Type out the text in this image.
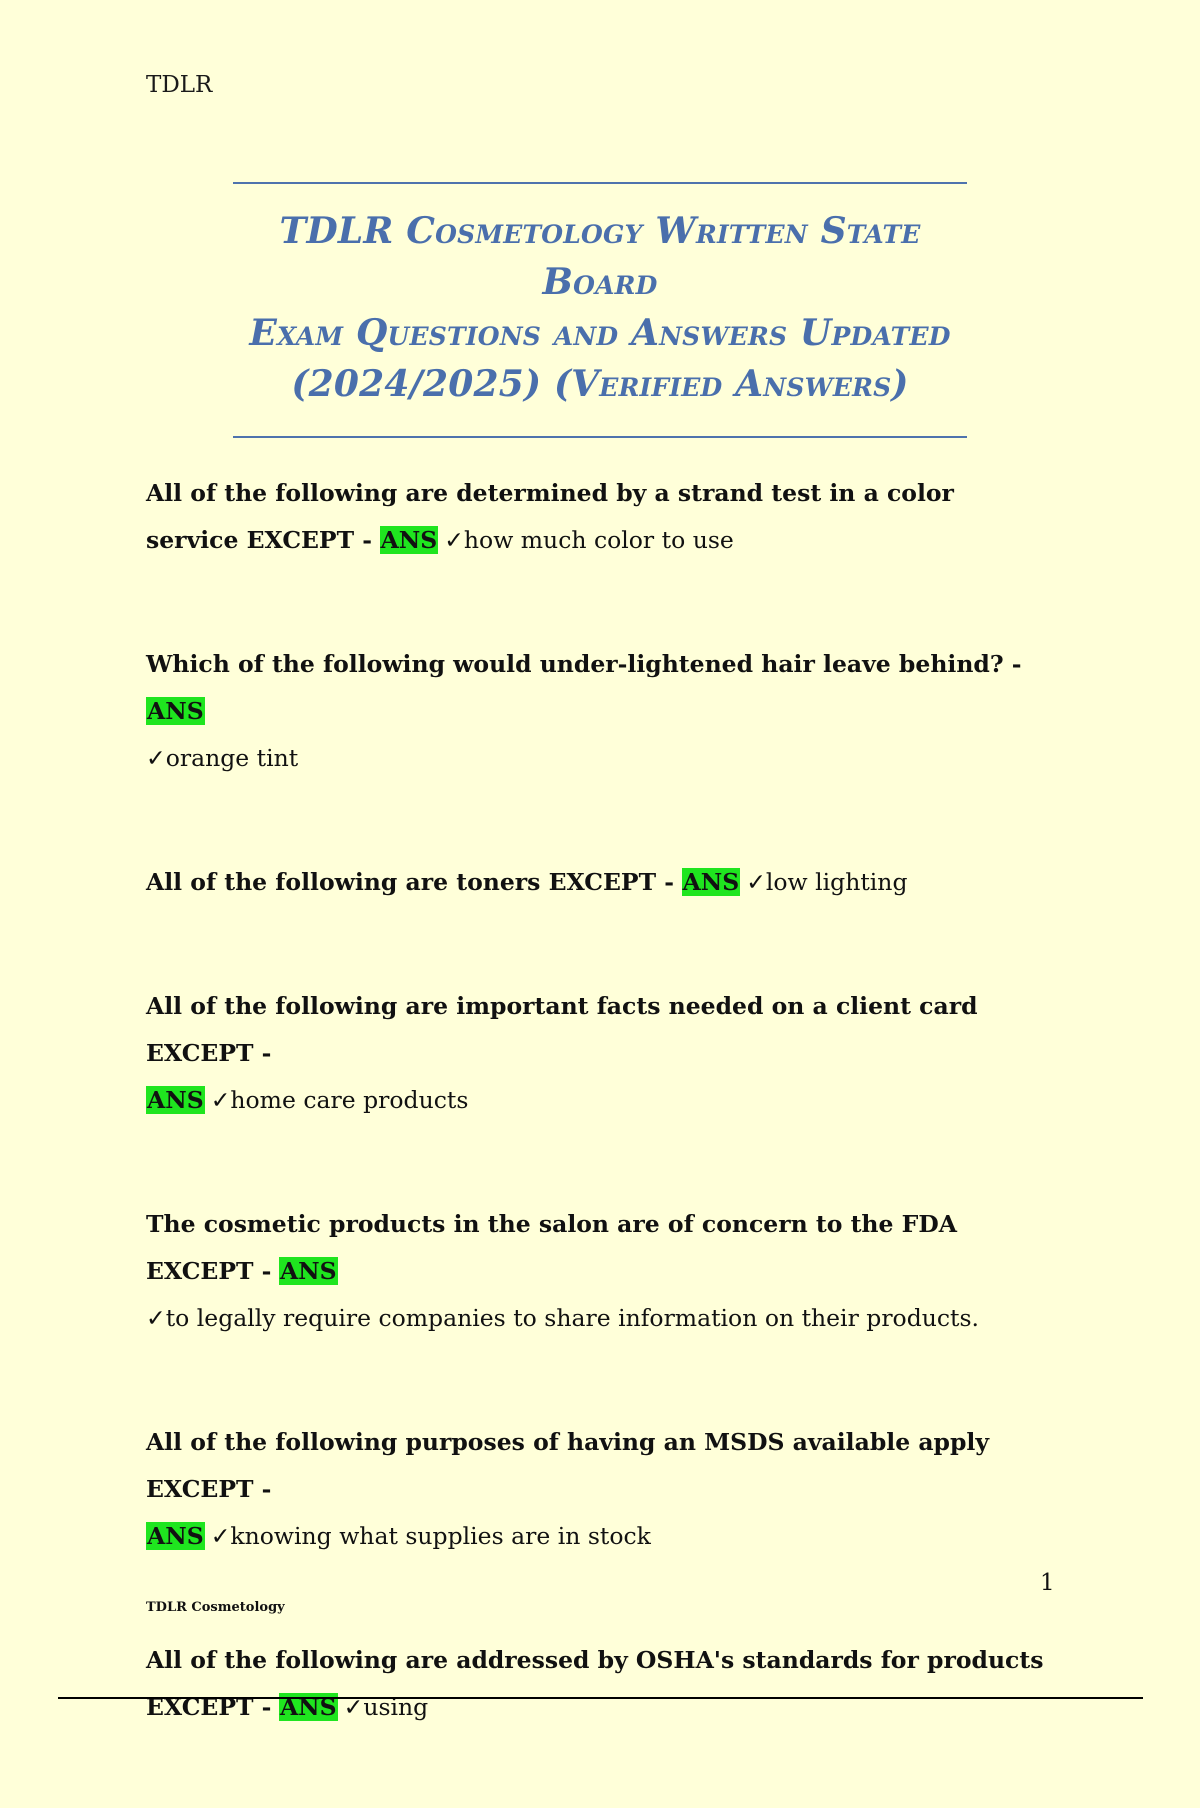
TDLR
TDLR Cosmetology Written State Board
Exam Questions and Answers Updated
(2024/2025) (Verified Answers)
All of the following are determined by a strand test in a color service EXCEPT - ANS ✓how much color to use
Which of the following would under-lightened hair leave behind? - ANS
✓orange tint
All of the following are toners EXCEPT - ANS ✓low lighting
All of the following are important facts needed on a client card EXCEPT -
ANS ✓home care products
The cosmetic products in the salon are of concern to the FDA EXCEPT - ANS
✓to legally require companies to share information on their products.
All of the following purposes of having an MSDS available apply EXCEPT -
ANS ✓knowing what supplies are in stock
All of the following are addressed by OSHA's standards for products EXCEPT - ANS ✓using
1
TDLR Cosmetology
